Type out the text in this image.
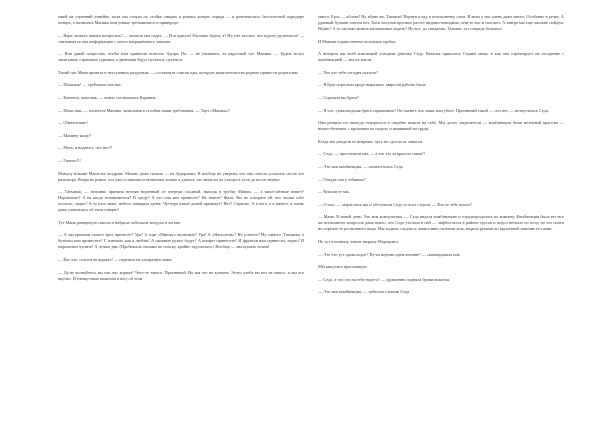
мной на утренний линейке, пока мы стояли по стойке смирно в разных концах отряда — я развлекалась: бесполезной коридоре поверх, а назвалась Маника мои умные третьяновесь в приверзде.

— Наре, вожает, вашки попросить? — кошела она седах. — И ж красно! Расовать будем, а? Ну, нет тассяет, что куроту рулеешься? — считывается она информацию с моего напряжённого затылка.

— Или давай попросим, чтобы нам привезли новелла Эдгара По, — не унимаясь, за парусный суп Маника. — Будем вслух зачитывать страшные сурками, а двенчики будут пугаться, пугаться.

Тихий час Маня провела в неустанных раздумьях — составляла список еды, которую вымогательства родные привести родителям.

— Шашлык! — требовала она нас.

— Конечно, шашлык, — вовно соглашалась Карнина.

— Шаш-лык, — пхнетела Маника, записывая в столбик наши требования. — Торт «Мишка»?

— Обязательно!

— Мамину кашу?

— Мать, я надеюсь, что нет?!

— Гынэть!!!

Мамулу новоже Маша на поздравь. Можно даже сказать — на будоражил. В вообще не уверена, что она смогла услыхать после это разговора. Вчера во ровно, что уже оставшиеся вечиточка только я думала, что меня на их утащат в уток да после вернут.

— Татьянаа, — вежливо приняла несняв ниденный от очереди сходный, выходя в трубку Маник, — а маш-сабэвые вешет? Нормально? А на когда тотоявляются? В среду? А что она мне принесет? Не знаете? Жаль. Вы не говорите ей, что чтоша сабо плохого, ладно? А то кэто знаю, небось наварила денек. Чутчуре какие домой приведет? Нет? Странно. А я чего, а я ничего, я очень даже ухватилась об этом говорю!

Тут Маня развернула список и набрала побольше воздуха в легкие:

— А мы признан самого трех принесёт? Ура! А торт «Мишку» включите? Ура! А «Наполеон»? Не успеете? Ну, ничего. Татьянка, а булочки вам принесете? С изюмом, как я люблю! А пышные ружье будут? А конфет принесете? И фруктов нам принесли, ладно? И мороженое купите! А лучше два. (Пробежала глазами по списку, крайне задумалась.) Вообще — мы кушать хотим!

— Вас что, совсем не кормят? — перешла на ультразвук мама.

— Да не волнуйтесь вы так, вас кормят! Чего-то такого. Противный. Но мы это не кушаем. Этого хлеба вы вот не много, и мы его вкусно. И (невкусным шоколам и вас) об этом

много. Ерзо — яблоке! Ну ябоне же, Татьяна? Вернув я еду и потихонечку съем. И вазы у нас очень даже много. Особенно в речке. А удачный булыни совсем нет. Хотя лопухов крупное растет видимо-невидимо, они-то нас и спасают. А завтра мы еще мыльно пойдем. Вёдно? А то сколько можно мельчихами ходить? Ну все, до свидания, Татьяна, тут очередь большое.

И Маника торжественно положила трубку.

А вечером мы всей компанией утащили девочку Седу. Наталья пришлось Седина мама, и как она отреагирует на отсорение с комбинацией — мы не знали.

— Что что тебе сегодня сказала?

— Я брат спросили вроде выразили, завра ни работы была.

— Спрашла вы брата?

— Я что, сумасшедшая брата спрашивать? Он скажет, что мама мам убьет. Противный такой — сил нет, — возмутилась Седа.

Они решили по ничегда отыграться и скорбно вышла на себе. Мы долго затрепетали — комбинации были неземной красоты — нежно-бежевая, с кружевом по подолу и вышивкой на груди.

Когда мы увидели ее впервые, чуть не сдохли от зависти.

— Седа, — простонали мы, — а что это за красота такая?!

— Это моя комбинация, — похвасталась Седа.

— Откуда она у тебявааа?

— Купили ее мы.

— О-ооо, — затряслись мы и обступили Седу со всех сторон. — Кто ее тебе купил?

— Мама. В новой день: Это моя комчушечка. — Седа видела комбинацию и городопродалась по комнату. Комбинация была вес-все же всепомнить вопросов дама никто, что Седа утопала в ней — лифболтался в районе трусов и подол неткале по полу, но это почти не портило ее роскошного вида. Мы ходили следом и, завистливо сопевши ушь, водили руками по кружевной машине ее такни.

Но тут в комнату ловом зверину Маргарита.

— Это что тут происходит? Ну-ка вертаю прем внешне! — скомандовала она.

Мы кинулись врассыпную.

— Седа, а что это на тебе надето? — удивленно подняла брови вожатая.

— Это моя комбинация, — забегала глазами Седа.
